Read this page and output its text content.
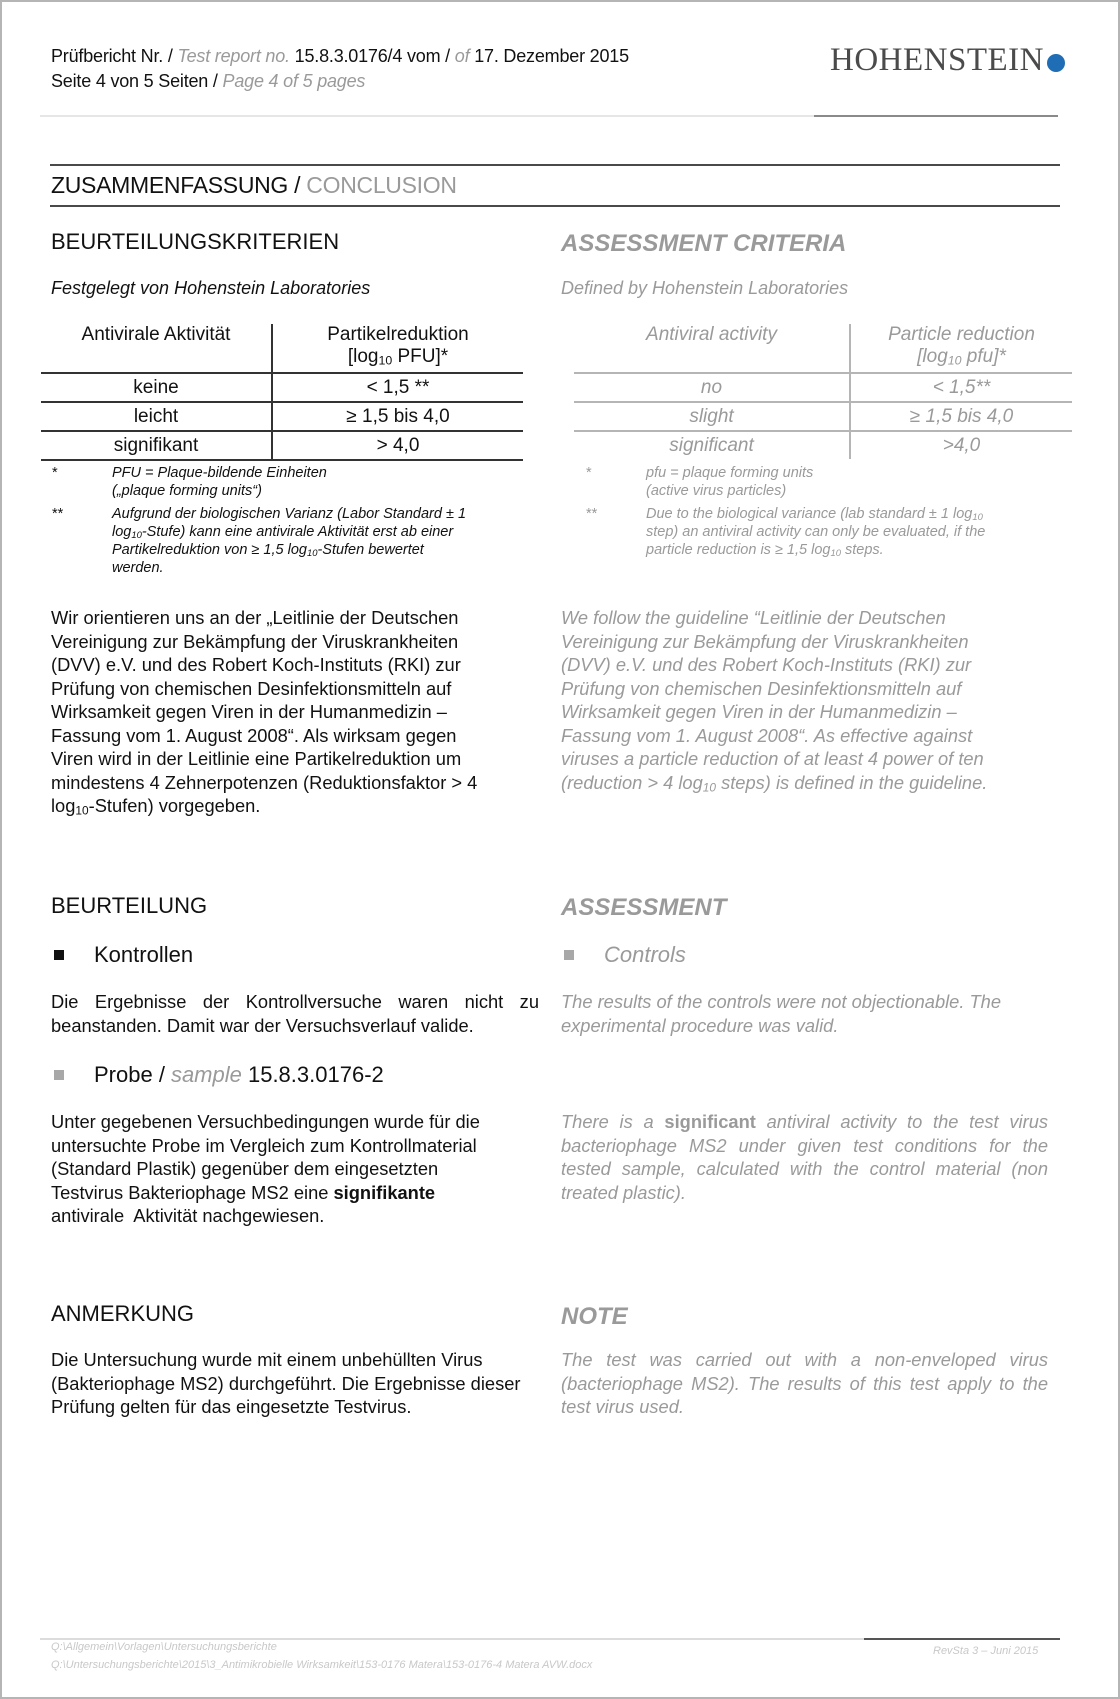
Prüfbericht Nr. / Test report no. 15.8.3.0176/4 vom / of 17. Dezember 2015
Seite 4 von 5 Seiten / Page 4 of 5 pages
HOHENSTEIN
ZUSAMMENFASSUNG / CONCLUSION
BEURTEILUNGSKRITERIEN	ASSESSMENT CRITERIA
Festgelegt von Hohenstein Laboratories	Defined by Hohenstein Laboratories
Antivirale Aktivität	Partikelreduktion
[$\log_{10}$ PFU]*
keine	< 1,5 **
leicht	≥ 1,5 bis 4,0
signifikant	> 4,0
Antiviral activity	Particle reduction
[$\log_{10}$ pfu]*
no	< 1,5**
slight	≥ 1,5 bis 4,0
significant	>4,0
*	PFU = Plaque-bildende Einheiten
(„plaque forming units“)
**	Aufgrund der biologischen Varianz (Labor Standard ± 1
$\log_{10}-Stufe$) kann eine antivirale Aktivität erst ab einer
Partikelreduktion von ≥ 1,5 $\log_{10}$-Stufen bewertet
werden.
*	pfu = plaque forming units
(active virus particles)
**	Due to the biological variance (lab standard ± 1 $\log_{10}$
step) an antiviral activity can only be evaluated, if the
particle reduction is ≥ 1,5 $\log_{10}$ steps.
Wir orientieren uns an der „Leitlinie der Deutschen
Vereinigung zur Bekämpfung der Viruskrankheiten
(DVV) e.V. und des Robert Koch-Instituts (RKI) zur
Prüfung von chemischen Desinfektionsmitteln auf
Wirksamkeit gegen Viren in der Humanmedizin –
Fassung vom 1. August 2008“. Als wirksam gegen
Viren wird in der Leitlinie eine Partikelreduktion um
mindestens 4 Zehnerpotenzen (Reduktionsfaktor > 4
$\log_{10}-Stufen$) vorgegeben.
We follow the guideline “Leitlinie der Deutschen
Vereinigung zur Bekämpfung der Viruskrankheiten
(DVV) e.V. und des Robert Koch-Instituts (RKI) zur
Prüfung von chemischen Desinfektionsmitteln auf
Wirksamkeit gegen Viren in der Humanmedizin –
Fassung vom 1. August 2008“. As effective against
viruses a particle reduction of at least 4 power of ten
(reduction > 4 $\log_{10}$ steps) is defined in the guideline.
BEURTEILUNG	ASSESSMENT
Kontrollen	Controls
Die Ergebnisse der Kontrollversuche waren nicht zu beanstanden. Damit war der Versuchsverlauf valide.
The results of the controls were not objectionable. The experimental procedure was valid.
Probe / sample 15.8.3.0176-2
Unter gegebenen Versuchbedingungen wurde für die
untersuchte Probe im Vergleich zum Kontrollmaterial
(Standard Plastik) gegenüber dem eingesetzten
Testvirus Bakteriophage MS2 eine signifikante
antivirale  Aktivität nachgewiesen.
There is a significant antiviral activity to the test virus bacteriophage MS2 under given test conditions for the tested sample, calculated with the control material (non treated plastic).
ANMERKUNG	NOTE
Die Untersuchung wurde mit einem unbehüllten Virus (Bakteriophage MS2) durchgeführt. Die Ergebnisse dieser Prüfung gelten für das eingesetzte Testvirus.
The test was carried out with a non-enveloped virus (bacteriophage MS2). The results of this test apply to the test virus used.
Q:\Allgemein\Vorlagen\Untersuchungsberichte
Q:\Untersuchungsberichte\2015\3_Antimikrobielle Wirksamkeit\153-0176 Matera\153-0176-4 Matera AVW.docx
RevSta 3 – Juni 2015
